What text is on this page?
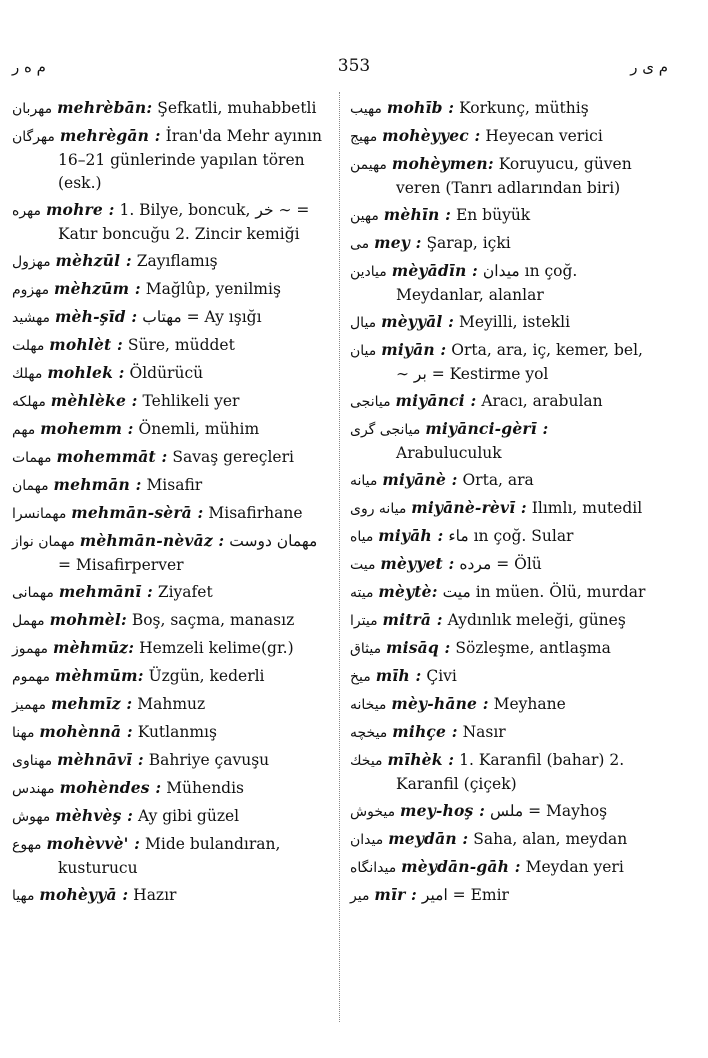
م ه ر	353	م ی ر
مهربان mehrèbān: Şefkatli, muhabbetli
مهرگان mehrègān : İran'da Mehr ayının 16–21 günlerinde yapılan tören (esk.)
مهره mohre : 1. Bilye, boncuk, خر ∼ = Katır boncuğu 2. Zincir kemiği
مهزول mèhzūl : Zayıflamış
مهزوم mèhzūm : Mağlûp, yenilmiş
مهشید mèh-şīd : مهتاب = Ay ışığı
مهلت mohlèt : Süre, müddet
مهلك mohlek : Öldürücü
مهلكه mèhlèke : Tehlikeli yer
مهم mohemm : Önemli, mühim
مهمات mohemmāt : Savaş gereçleri
مهمان mehmān : Misafir
مهمانسرا mehmān-sèrā : Misafirhane
مهمان نواز mèhmān-nèvāz : مهمان دوست = Misafirperver
مهمانی mehmānī : Ziyafet
مهمل mohmèl: Boş, saçma, manasız
مهموز mèhmūz: Hemzeli kelime(gr.)
مهموم mèhmūm: Üzgün, kederli
مهميز mehmīz : Mahmuz
مهنا mohènnā : Kutlanmış
مهناوی mèhnāvī : Bahriye çavuşu
مهندس mohèndes : Mühendis
مهوش mèhvèş : Ay gibi güzel
مهوع mohèvvè' : Mide bulandıran, kusturucu
مهیا mohèyyā : Hazır
مهیب mohīb : Korkunç, müthiş
مهیج mohèyyec : Heyecan verici
مهیمن mohèymen: Koruyucu, güven veren (Tanrı adlarından biri)
مهین mèhīn : En büyük
می mey : Şarap, içki
میادین mèyādīn : میدان ın çoğ. Meydanlar, alanlar
میال mèyyāl : Meyilli, istekli
میان miyān : Orta, ara, iç, kemer, bel, ∼ بر = Kestirme yol
میانجی miyānci : Aracı, arabulan
میانجی گری miyānci-gèrī : Arabuluculuk
میانه miyānè : Orta, ara
میانه روی miyānè-rèvī : Ilımlı, mutedil
میاه miyāh : ماء ın çoğ. Sular
میت mèyyet : مرده = Ölü
میته mèytè: میت in müen. Ölü, murdar
میترا mitrā : Aydınlık meleği, güneş
میثاق misāq : Sözleşme, antlaşma
میخ mīh : Çivi
میخانه mèy-hāne : Meyhane
میخچه mihçe : Nasır
میخك mīhèk : 1. Karanfil (bahar) 2. Karanfil (çiçek)
میخوش mey-hoş : ملس = Mayhoş
میدان meydān : Saha, alan, meydan
میدانگاه mèydān-gāh : Meydan yeri
میر mīr : امیر = Emir
